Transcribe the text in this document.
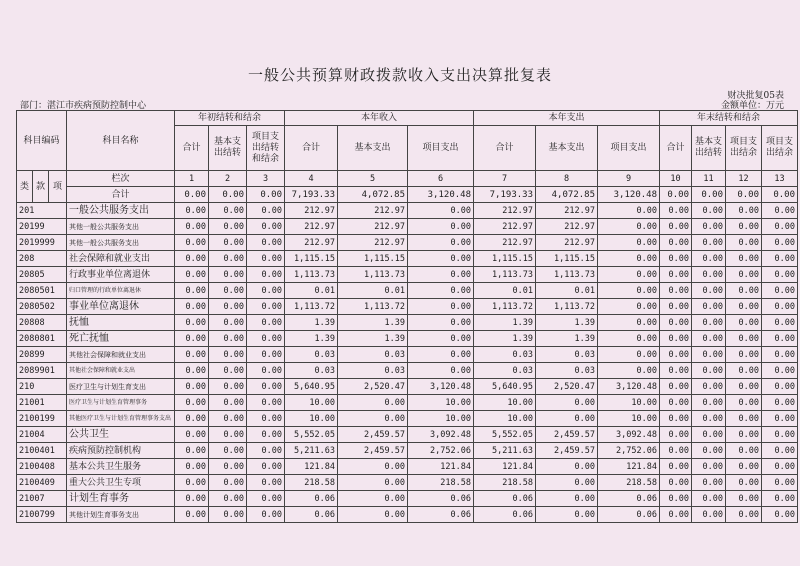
一般公共预算财政拨款收入支出决算批复表
财决批复05表
部门：湛江市疾病预防控制中心	金额单位：万元
科目编码			科目名称	年初结转和结余			本年收入			本年支出			年末结转和结余			
				合计	基本支出结转	项目支出结转和结余	合计	基本支出	项目支出	合计	基本支出	项目支出	合计	基本支出结转	项目支出结余	项目支出结余
类	款	项	栏次	1	2	3	4	5	6	7	8	9	10	11	12	13
			合计	0.00	0.00	0.00	7,193.33	4,072.85	3,120.48	7,193.33	4,072.85	3,120.48	0.00	0.00	0.00	0.00
201			一般公共服务支出	0.00	0.00	0.00	212.97	212.97	0.00	212.97	212.97	0.00	0.00	0.00	0.00	0.00
20199			其他一般公共服务支出	0.00	0.00	0.00	212.97	212.97	0.00	212.97	212.97	0.00	0.00	0.00	0.00	0.00
2019999			其他一般公共服务支出	0.00	0.00	0.00	212.97	212.97	0.00	212.97	212.97	0.00	0.00	0.00	0.00	0.00
208			社会保障和就业支出	0.00	0.00	0.00	1,115.15	1,115.15	0.00	1,115.15	1,115.15	0.00	0.00	0.00	0.00	0.00
20805			行政事业单位离退休	0.00	0.00	0.00	1,113.73	1,113.73	0.00	1,113.73	1,113.73	0.00	0.00	0.00	0.00	0.00
2080501			归口管理的行政单位离退休	0.00	0.00	0.00	0.01	0.01	0.00	0.01	0.01	0.00	0.00	0.00	0.00	0.00
2080502			事业单位离退休	0.00	0.00	0.00	1,113.72	1,113.72	0.00	1,113.72	1,113.72	0.00	0.00	0.00	0.00	0.00
20808			抚恤	0.00	0.00	0.00	1.39	1.39	0.00	1.39	1.39	0.00	0.00	0.00	0.00	0.00
2080801			死亡抚恤	0.00	0.00	0.00	1.39	1.39	0.00	1.39	1.39	0.00	0.00	0.00	0.00	0.00
20899			其他社会保障和就业支出	0.00	0.00	0.00	0.03	0.03	0.00	0.03	0.03	0.00	0.00	0.00	0.00	0.00
2089901			其他社会保障和就业支出	0.00	0.00	0.00	0.03	0.03	0.00	0.03	0.03	0.00	0.00	0.00	0.00	0.00
210			医疗卫生与计划生育支出	0.00	0.00	0.00	5,640.95	2,520.47	3,120.48	5,640.95	2,520.47	3,120.48	0.00	0.00	0.00	0.00
21001			医疗卫生与计划生育管理事务	0.00	0.00	0.00	10.00	0.00	10.00	10.00	0.00	10.00	0.00	0.00	0.00	0.00
2100199			其他医疗卫生与计划生育管理事务支出	0.00	0.00	0.00	10.00	0.00	10.00	10.00	0.00	10.00	0.00	0.00	0.00	0.00
21004			公共卫生	0.00	0.00	0.00	5,552.05	2,459.57	3,092.48	5,552.05	2,459.57	3,092.48	0.00	0.00	0.00	0.00
2100401			疾病预防控制机构	0.00	0.00	0.00	5,211.63	2,459.57	2,752.06	5,211.63	2,459.57	2,752.06	0.00	0.00	0.00	0.00
2100408			基本公共卫生服务	0.00	0.00	0.00	121.84	0.00	121.84	121.84	0.00	121.84	0.00	0.00	0.00	0.00
2100409			重大公共卫生专项	0.00	0.00	0.00	218.58	0.00	218.58	218.58	0.00	218.58	0.00	0.00	0.00	0.00
21007			计划生育事务	0.00	0.00	0.00	0.06	0.00	0.06	0.06	0.00	0.06	0.00	0.00	0.00	0.00
2100799			其他计划生育事务支出	0.00	0.00	0.00	0.06	0.00	0.06	0.06	0.00	0.06	0.00	0.00	0.00	0.00
